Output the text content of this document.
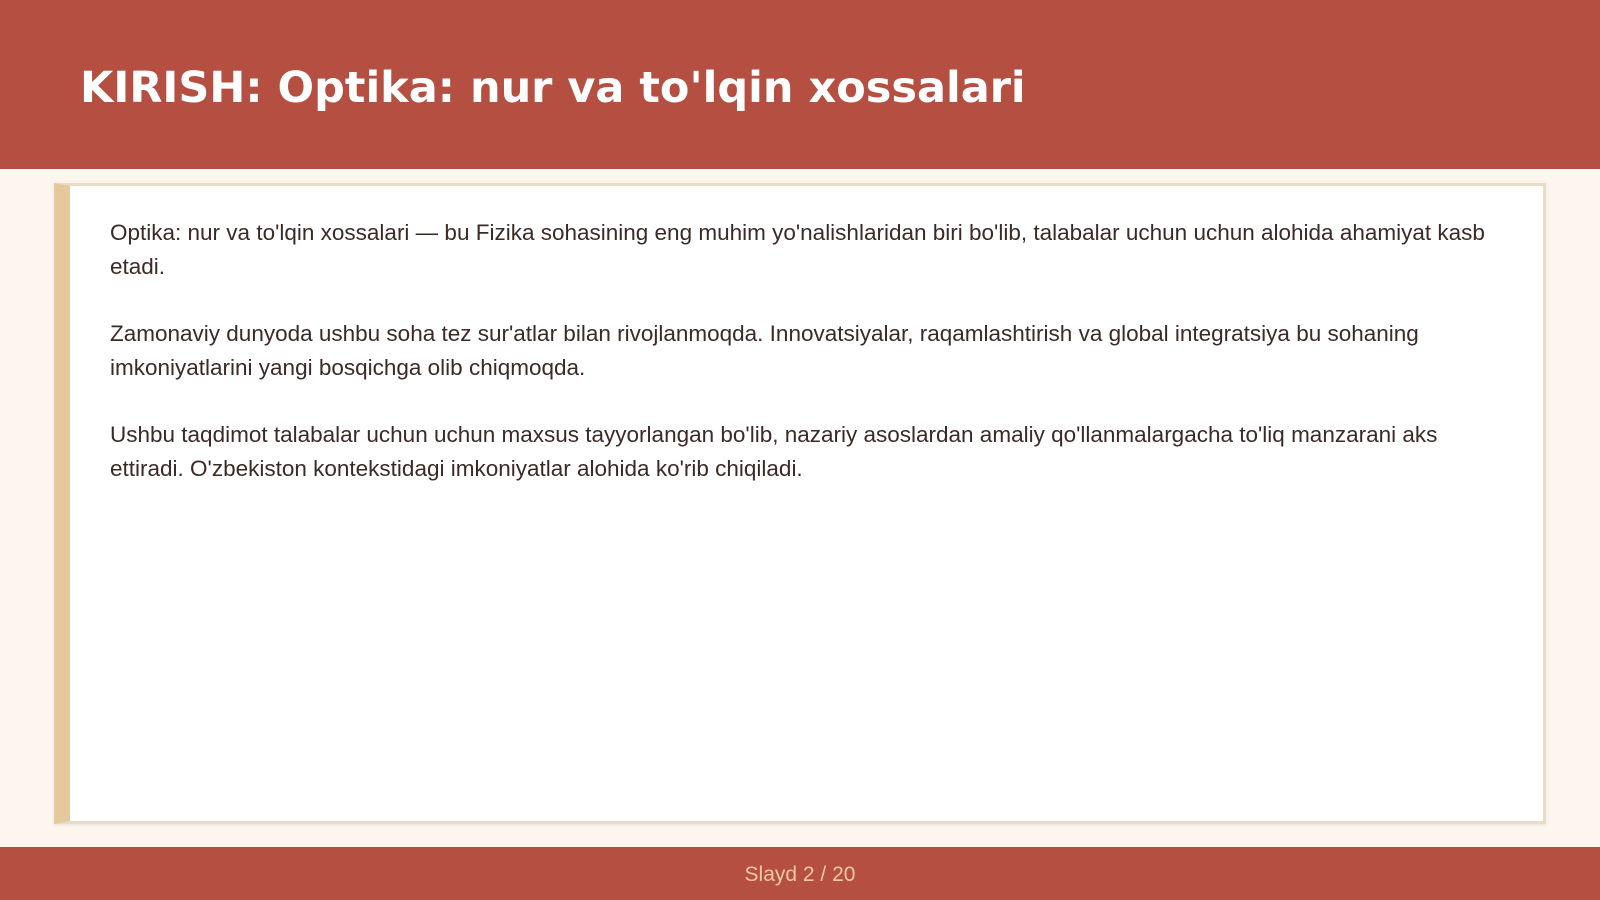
KIRISH: Optika: nur va to'lqin xossalari

Optika: nur va to'lqin xossalari — bu Fizika sohasining eng muhim yo'nalishlaridan biri bo'lib, talabalar uchun uchun alohida ahamiyat kasb etadi.

Zamonaviy dunyoda ushbu soha tez sur'atlar bilan rivojlanmoqda. Innovatsiyalar, raqamlashtirish va global integratsiya bu sohaning imkoniyatlarini yangi bosqichga olib chiqmoqda.

Ushbu taqdimot talabalar uchun uchun maxsus tayyorlangan bo'lib, nazariy asoslardan amaliy qo'llanmalargacha to'liq manzarani aks ettiradi. O'zbekiston kontekstidagi imkoniyatlar alohida ko'rib chiqiladi.

Slayd 2 / 20
